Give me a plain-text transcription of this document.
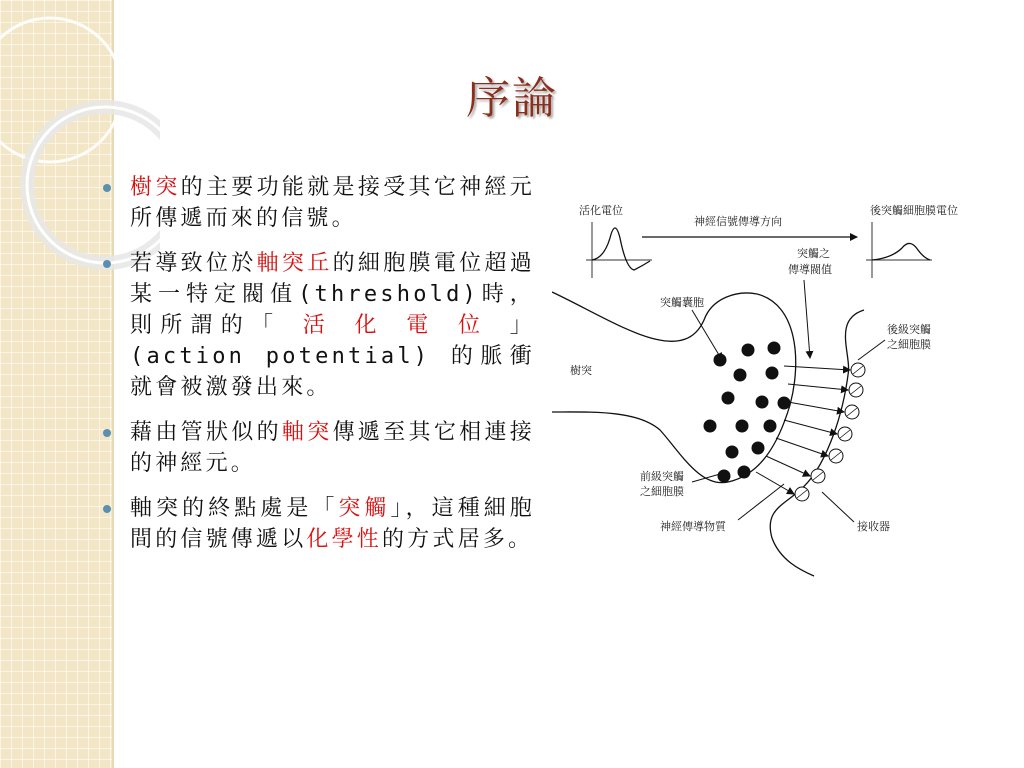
序論
樹突的主要功能就是接受其它神經元所傳遞而來的信號。
若導致位於軸突丘的細胞膜電位超過某一特定閥值(threshold)時，則所謂的「 活 化 電 位 」(action potential) 的脈衝就會被激發出來。
藉由管狀似的軸突傳遞至其它相連接的神經元。
軸突的終點處是「突觸」，這種細胞間的信號傳遞以化學性的方式居多。
活化電位
神經信號傳導方向
後突觸細胞膜電位
突觸之
傳導閥值
突觸囊胞
後級突觸
之細胞膜
樹突
前級突觸
之細胞膜
神經傳導物質	接收器
